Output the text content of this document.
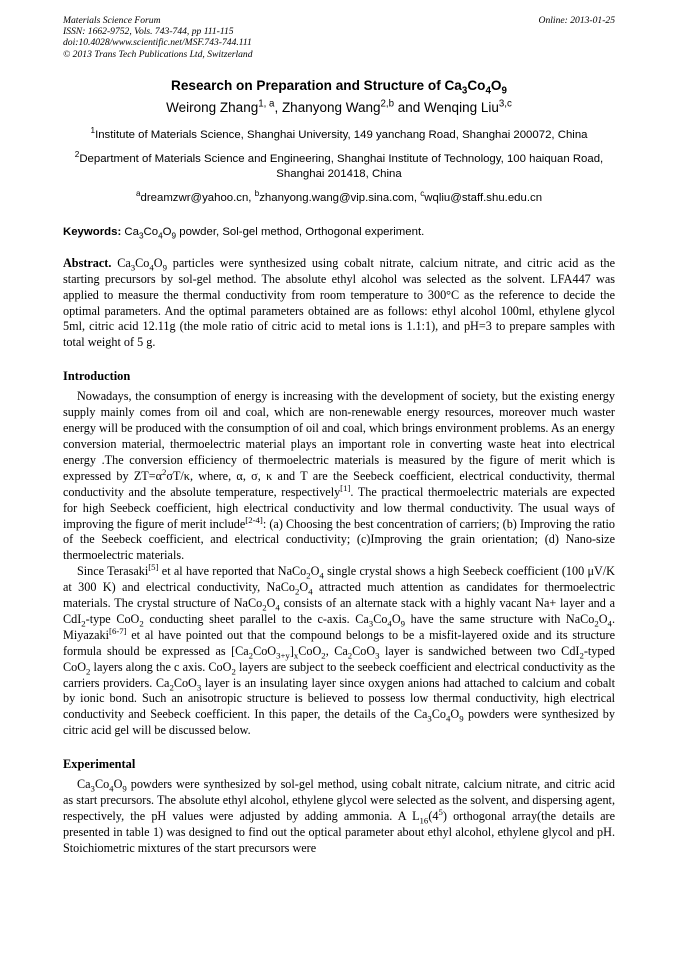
Materials Science Forum
ISSN: 1662-9752, Vols. 743-744, pp 111-115
doi:10.4028/www.scientific.net/MSF.743-744.111
© 2013 Trans Tech Publications Ltd, Switzerland
Online: 2013-01-25
Research on Preparation and Structure of $Ca_3Co_4O_9$
Weirong Zhang$^{1, a}$, Zhanyong Wang$^{2,b}$ and Wenqing Liu$^{3,c}$
$^1$Institute of Materials Science, Shanghai University, 149 yanchang Road, Shanghai 200072, China
$^2$Department of Materials Science and Engineering, Shanghai Institute of Technology, 100 haiquan Road, Shanghai 201418, China
$^a$dreamzwr@yahoo.cn, $^b$zhanyong.wang@vip.sina.com, $^c$wqliu@staff.shu.edu.cn
Keywords: $Ca_3Co_4O_9$ powder, Sol-gel method, Orthogonal experiment.
Abstract. $Ca_3Co_4O_9$ particles were synthesized using cobalt nitrate, calcium nitrate, and citric acid as the starting precursors by sol-gel method. The absolute ethyl alcohol was selected as the solvent. LFA447 was applied to measure the thermal conductivity from room temperature to 300°C as the reference to decide the optimal parameters. And the optimal parameters obtained are as follows: ethyl alcohol 100ml, ethylene glycol 5ml, citric acid 12.11g (the mole ratio of citric acid to metal ions is 1.1:1), and pH=3 to prepare samples with total weight of 5 g.
Introduction
Nowadays, the consumption of energy is increasing with the development of society, but the existing energy supply mainly comes from oil and coal, which are non-renewable energy resources, moreover much waster energy will be produced with the consumption of oil and coal, which brings environment problems. As an energy conversion material, thermoelectric material plays an important role in converting waste heat into electrical energy .The conversion efficiency of thermoelectric materials is measured by the figure of merit which is expressed by $ZT=\alpha^2\sigma T/\kappa$, where, α, σ, κ and T are the Seebeck coefficient, electrical conductivity, thermal conductivity and the absolute temperature, respectively[1]. The practical thermoelectric materials are expected for high Seebeck coefficient, high electrical conductivity and low thermal conductivity. The usual ways of improving the figure of merit include[2-4]: (a) Choosing the best concentration of carriers; (b) Improving the ratio of the Seebeck coefficient, and electrical conductivity; (c)Improving the grain orientation; (d) Nano-size thermoelectric materials.
Since Terasaki[5] et al have reported that $NaCo_2O_4$ single crystal shows a high Seebeck coefficient (100 μV/K at 300 K) and electrical conductivity, $NaCo_2O_4$ attracted much attention as candidates for thermoelectric materials. The crystal structure of $NaCo_2O_4$ consists of an alternate stack with a highly vacant Na+ layer and a CdI$_2$-type CoO$_2$ conducting sheet parallel to the c-axis. $Ca_3Co_4O_9$ have the same structure with $NaCo_2O_4$. Miyazaki[6-7] et al have pointed out that the compound belongs to be a misfit-layered oxide and its structure formula should be expressed as $[Ca_2CoO_{3+y}]_xCoO_2$, $Ca_2CoO_3$ layer is sandwiched between two CdI$_2$-typed CoO$_2$ layers along the c axis. CoO$_2$ layers are subject to the seebeck coefficient and electrical conductivity as the carriers providers. $Ca_2CoO_3$ layer is an insulating layer since oxygen anions had attached to calcium and cobalt by ionic bond. Such an anisotropic structure is believed to possess low thermal conductivity, high electrical conductivity and Seebeck coefficient. In this paper, the details of the $Ca_3Co_4O_9$ powders were synthesized by citric acid gel will be discussed below.
Experimental
$Ca_3Co_4O_9$ powders were synthesized by sol-gel method, using cobalt nitrate, calcium nitrate, and citric acid as start precursors. The absolute ethyl alcohol, ethylene glycol were selected as the solvent, and dispersing agent, respectively, the pH values were adjusted by adding ammonia. A $L_{16}(4^5)$ orthogonal array(the details are presented in table 1) was designed to find out the optical parameter about ethyl alcohol, ethylene glycol and pH. Stoichiometric mixtures of the start precursors were
